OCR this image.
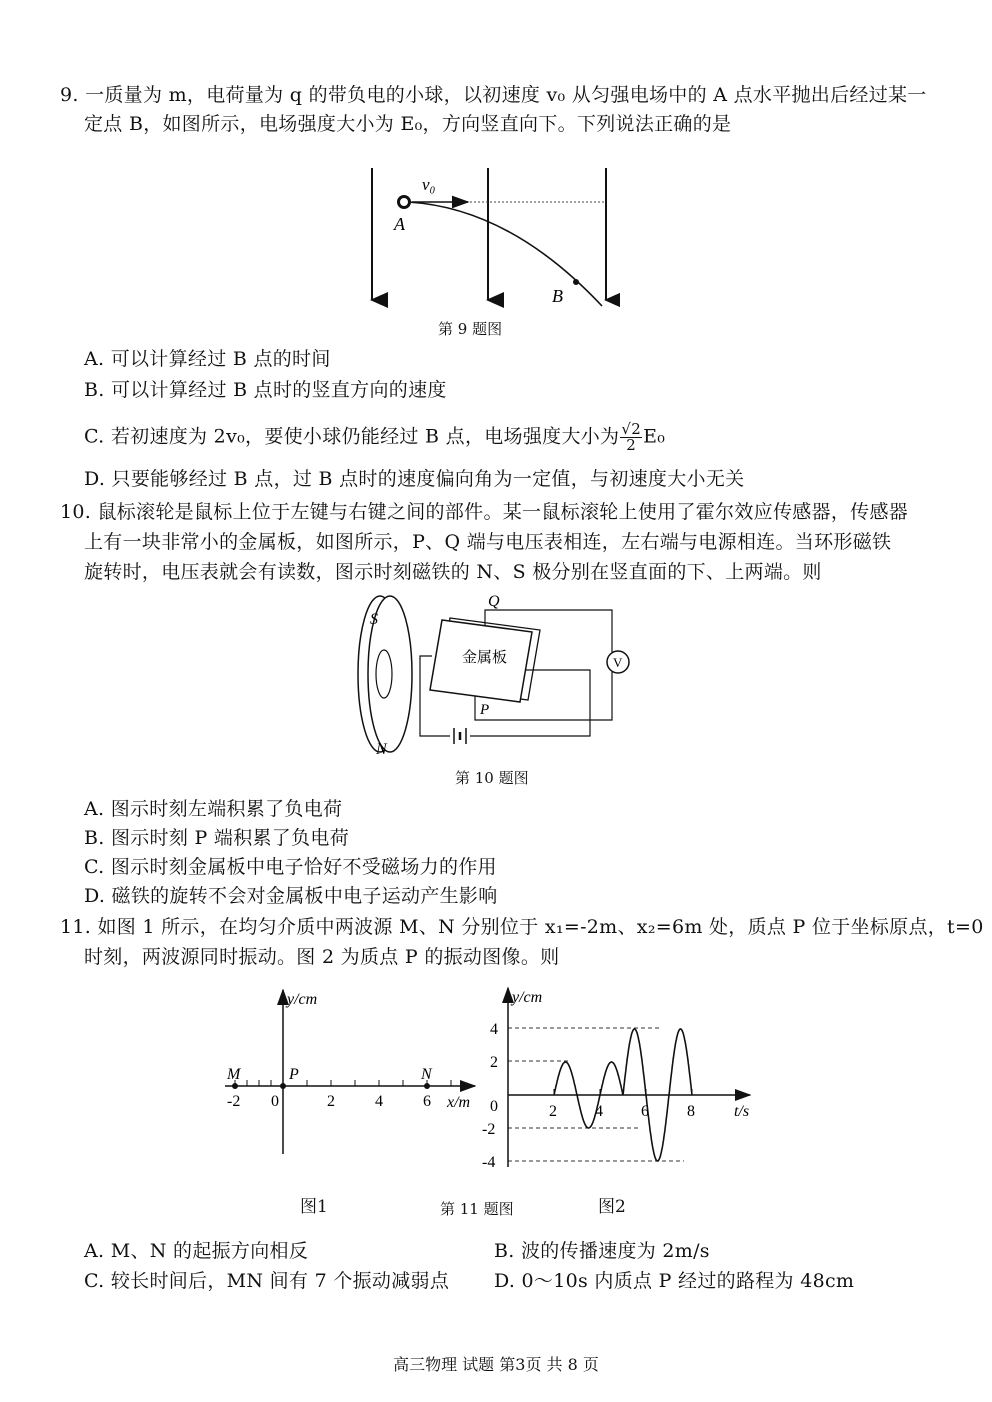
9. 一质量为 m，电荷量为 q 的带负电的小球，以初速度 v₀ 从匀强电场中的 A 点水平抛出后经过某一
定点 B，如图所示，电场强度大小为 E₀，方向竖直向下。下列说法正确的是
v₀
A
B
第 9 题图
A. 可以计算经过 B 点的时间
B. 可以计算经过 B 点时的竖直方向的速度
C. 若初速度为 2v₀，要使小球仍能经过 B 点，电场强度大小为 $\frac{√2}{2} E_0$
D. 只要能够经过 B 点，过 B 点时的速度偏向角为一定值，与初速度大小无关
10. 鼠标滚轮是鼠标上位于左键与右键之间的部件。某一鼠标滚轮上使用了霍尔效应传感器，传感器
上有一块非常小的金属板，如图所示，P、Q 端与电压表相连，左右端与电源相连。当环形磁铁
旋转时，电压表就会有读数，图示时刻磁铁的 N、S 极分别在竖直面的下、上两端。则
Q
S
金属板	V
P
N
第 10 题图
A. 图示时刻左端积累了负电荷
B. 图示时刻 P 端积累了负电荷
C. 图示时刻金属板中电子恰好不受磁场力的作用
D. 磁铁的旋转不会对金属板中电子运动产生影响
11. 如图 1 所示，在均匀介质中两波源 M、N 分别位于 x₁=-2m、x₂=6m 处，质点 P 位于坐标原点，t=0
时刻，两波源同时振动。图 2 为质点 P 的振动图像。则
y/cm
x/m
M	P	N
-2 0	2	4	6
图1
y/cm
t/s
4
2
0
-2
-4
2 4 6 8
图2
第 11 题图
A. M、N 的起振方向相反	B. 波的传播速度为 2m/s
C. 较长时间后，MN 间有 7 个振动减弱点 D. 0～10s 内质点 P 经过的路程为 48cm
高三物理 试题 第3页 共 8 页
